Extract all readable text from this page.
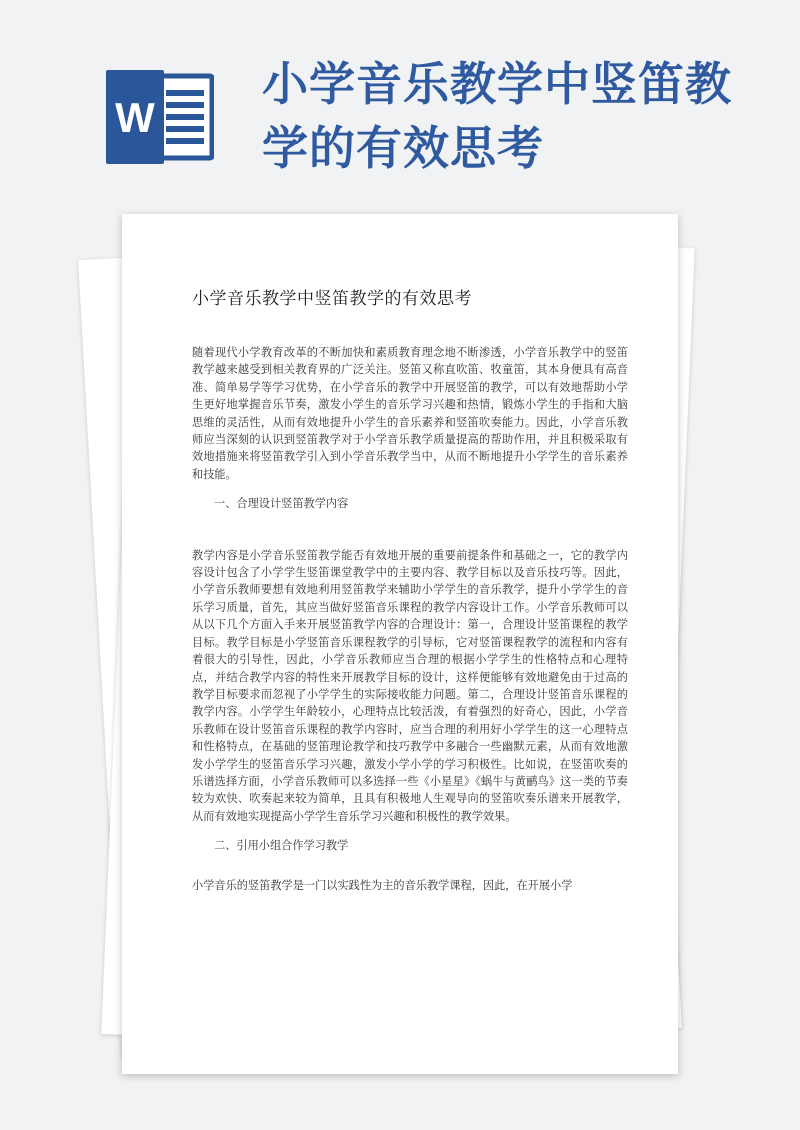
W
小学音乐教学中竖笛教学的有效思考
小学音乐教学中竖笛教学的有效思考

随着现代小学教育改革的不断加快和素质教育理念地不断渗透，小学音乐教学中的竖笛教学越来越受到相关教育界的广泛关注。竖笛又称直吹笛、牧童笛，其本身便具有高音准、简单易学等学习优势，在小学音乐的教学中开展竖笛的教学，可以有效地帮助小学生更好地掌握音乐节奏，激发小学生的音乐学习兴趣和热情，锻炼小学生的手指和大脑思维的灵活性，从而有效地提升小学生的音乐素养和竖笛吹奏能力。因此，小学音乐教师应当深刻的认识到竖笛教学对于小学音乐教学质量提高的帮助作用，并且积极采取有效地措施来将竖笛教学引入到小学音乐教学当中，从而不断地提升小学学生的音乐素养和技能。

一、合理设计竖笛教学内容

教学内容是小学音乐竖笛教学能否有效地开展的重要前提条件和基础之一，它的教学内容设计包含了小学学生竖笛课堂教学中的主要内容、教学目标以及音乐技巧等。因此，小学音乐教师要想有效地利用竖笛教学来辅助小学学生的音乐教学，提升小学学生的音乐学习质量，首先，其应当做好竖笛音乐课程的教学内容设计工作。小学音乐教师可以从以下几个方面入手来开展竖笛教学内容的合理设计：第一，合理设计竖笛课程的教学目标。教学目标是小学竖笛音乐课程教学的引导标，它对竖笛课程教学的流程和内容有着很大的引导性，因此，小学音乐教师应当合理的根据小学学生的性格特点和心理特点，并结合教学内容的特性来开展教学目标的设计，这样便能够有效地避免由于过高的教学目标要求而忽视了小学学生的实际接收能力问题。第二，合理设计竖笛音乐课程的教学内容。小学学生年龄较小，心理特点比较活泼，有着强烈的好奇心，因此，小学音乐教师在设计竖笛音乐课程的教学内容时，应当合理的利用好小学学生的这一心理特点和性格特点，在基础的竖笛理论教学和技巧教学中多融合一些幽默元素，从而有效地激发小学学生的竖笛音乐学习兴趣，激发小学小学的学习积极性。比如说，在竖笛吹奏的乐谱选择方面，小学音乐教师可以多选择一些《小星星》《蜗牛与黄鹂鸟》这一类的节奏较为欢快、吹奏起来较为简单，且具有积极地人生观导向的竖笛吹奏乐谱来开展教学，从而有效地实现提高小学学生音乐学习兴趣和积极性的教学效果。

二、引用小组合作学习教学

小学音乐的竖笛教学是一门以实践性为主的音乐教学课程，因此，在开展小学
